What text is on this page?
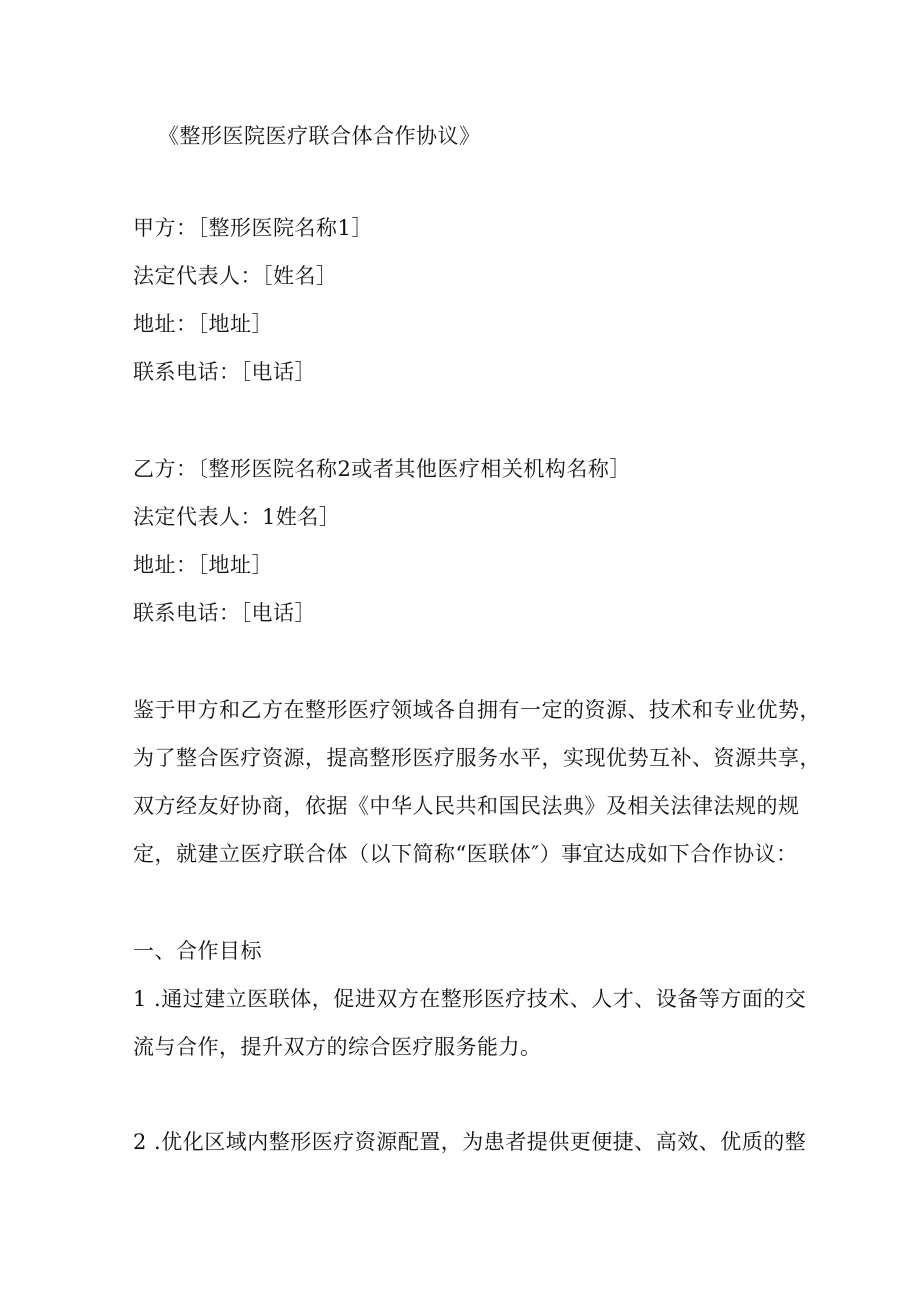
《整形医院医疗联合体合作协议》
甲方：［整形医院名称1］
法定代表人：［姓名］
地址：［地址］
联系电话：［电话］
乙方：〔整形医院名称2或者其他医疗相关机构名称］
法定代表人：1姓名］
地址：［地址］
联系电话：［电话］
鉴于甲方和乙方在整形医疗领域各自拥有一定的资源、技术和专业优势，
为了整合医疗资源，提高整形医疗服务水平，实现优势互补、资源共享，
双方经友好协商，依据《中华人民共和国民法典》及相关法律法规的规
定，就建立医疗联合体（以下简称“医联体″）事宜达成如下合作协议：
一、合作目标
1 .通过建立医联体，促进双方在整形医疗技术、人才、设备等方面的交
流与合作，提升双方的综合医疗服务能力。
2 .优化区域内整形医疗资源配置，为患者提供更便捷、高效、优质的整
